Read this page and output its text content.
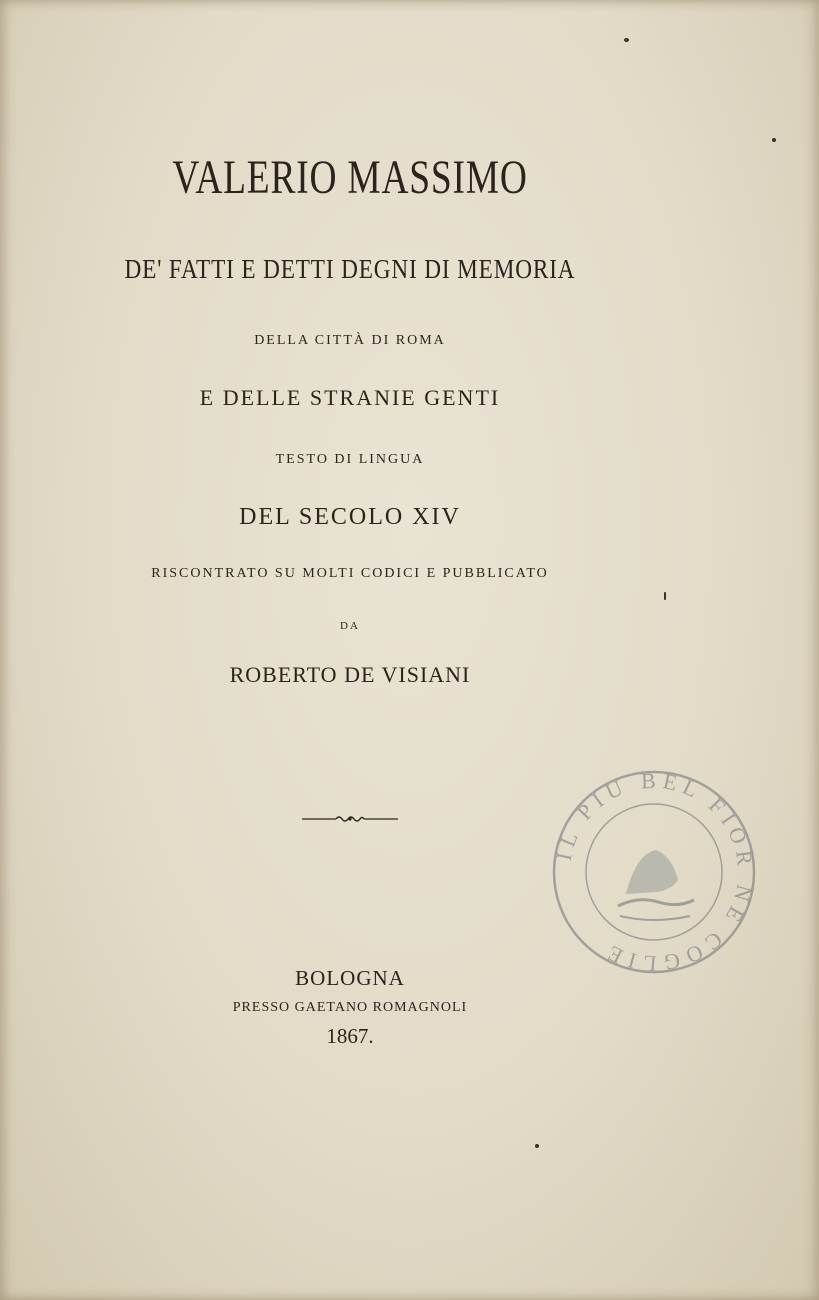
VALERIO MASSIMO
DE' FATTI E DETTI DEGNI DI MEMORIA
DELLA CITTÀ DI ROMA
E DELLE STRANIE GENTI
TESTO DI LINGUA
DEL SECOLO XIV
RISCONTRATO SU MOLTI CODICI E PUBBLICATO
DA
ROBERTO DE VISIANI
BOLOGNA
PRESSO GAETANO ROMAGNOLI
1867.
IL PIU BEL FIOR NE COGLIE
